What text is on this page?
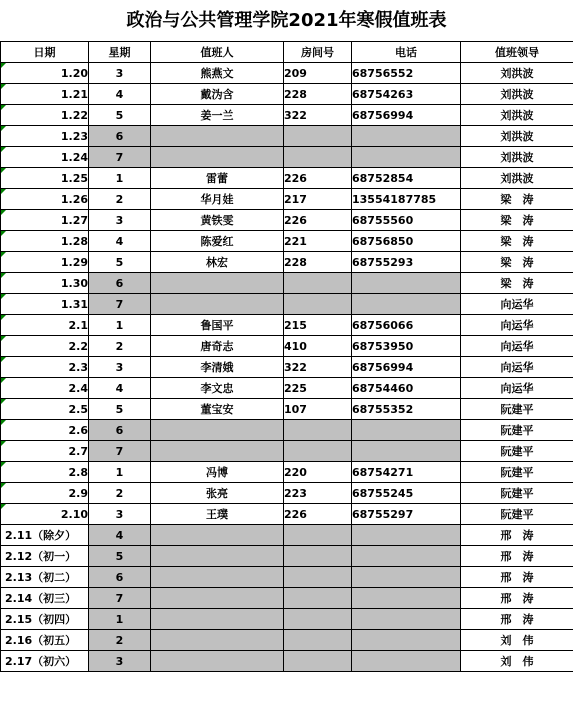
政治与公共管理学院2021年寒假值班表
日期	星期	值班人	房间号	电话	值班领导

1.20	3	熊燕文	209	68756552	刘洪波

1.21	4	戴沩含	228	68754263	刘洪波

1.22	5	姜一兰	322	68756994	刘洪波

1.23	6				刘洪波

1.24	7				刘洪波

1.25	1	雷蕾	226	68752854	刘洪波

1.26	2	华月娃	217	13554187785	梁　涛

1.27	3	黄铁雯	226	68755560	梁　涛

1.28	4	陈爱红	221	68756850	梁　涛

1.29	5	林宏	228	68755293	梁　涛

1.30	6				梁　涛

1.31	7				向运华

2.1	1	鲁国平	215	68756066	向运华

2.2	2	唐奇志	410	68753950	向运华

2.3	3	李清娥	322	68756994	向运华

2.4	4	李文忠	225	68754460	向运华

2.5	5	董宝安	107	68755352	阮建平

2.6	6				阮建平

2.7	7				阮建平

2.8	1	冯博	220	68754271	阮建平

2.9	2	张亮	223	68755245	阮建平

2.10	3	王璞	226	68755297	阮建平
2.11（除夕）	4				邢　涛
2.12（初一）	5				邢　涛
2.13（初二）	6				邢　涛
2.14（初三）	7				邢　涛
2.15（初四）	1				邢　涛
2.16（初五）	2				刘　伟
2.17（初六）	3				刘　伟
